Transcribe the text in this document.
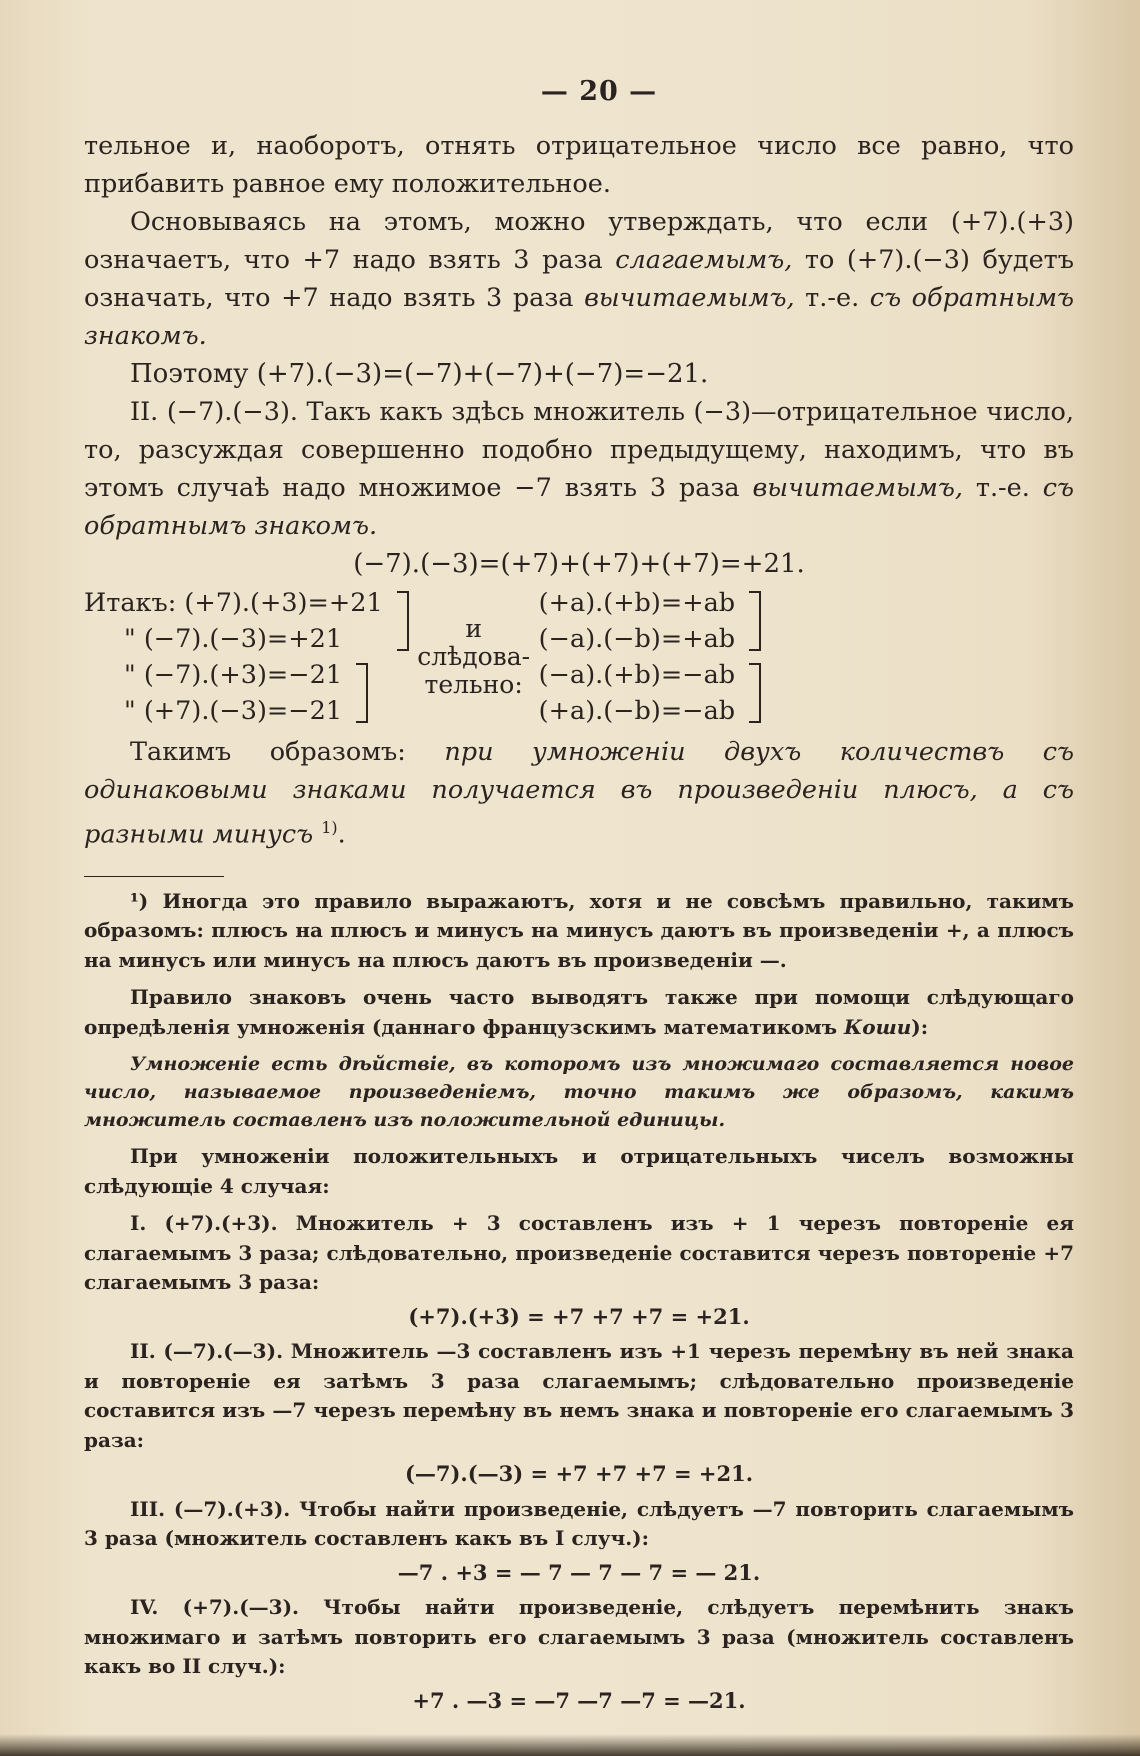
— 20 —

тельное и, наоборотъ, отнять отрицательное число все равно, что прибавить равное ему положительное.

Основываясь на этомъ, можно утверждать, что если (+7).(+3) означаетъ, что +7 надо взять 3 раза слагаемымъ, то (+7).(−3) будетъ означать, что +7 надо взять 3 раза вычитаемымъ, т.-е. съ обратнымъ знакомъ.

Поэтому (+7).(−3)=(−7)+(−7)+(−7)=−21.

II. (−7).(−3). Такъ какъ здѣсь множитель (−3)—отрицательное число, то, разсуждая совершенно подобно предыдущему, находимъ, что въ этомъ случаѣ надо множимое −7 взять 3 раза вычитаемымъ, т.-е. съ обратнымъ знакомъ.

(−7).(−3)=(+7)+(+7)+(+7)=+21.

Итакъ: (+7).(+3)=+21
" (−7).(−3)=+21
" (−7).(+3)=−21
" (+7).(−3)=−21
и
слѣдова-
тельно:
(+a).(+b)=+ab
(−a).(−b)=+ab
(−a).(+b)=−ab
(+a).(−b)=−ab

Такимъ образомъ: при умноженіи двухъ количествъ съ одинаковыми знаками получается въ произведеніи плюсъ, а съ разными минусъ $^{1)}$.

¹) Иногда это правило выражаютъ, хотя и не совсѣмъ правильно, такимъ образомъ: плюсъ на плюсъ и минусъ на минусъ даютъ въ произведеніи +, а плюсъ на минусъ или минусъ на плюсъ даютъ въ произведеніи —.

Правило знаковъ очень часто выводятъ также при помощи слѣдующаго опредѣленія умноженія (даннаго французскимъ математикомъ Коши):

Умноженіе есть дѣйствіе, въ которомъ изъ множимаго составляется новое число, называемое произведеніемъ, точно такимъ же образомъ, какимъ множитель составленъ изъ положительной единицы.

При умноженіи положительныхъ и отрицательныхъ чиселъ возможны слѣдующіе 4 случая:

I. (+7).(+3). Множитель + 3 составленъ изъ + 1 черезъ повтореніе ея слагаемымъ 3 раза; слѣдовательно, произведеніе составится черезъ повтореніе +7 слагаемымъ 3 раза:

(+7).(+3) = +7 +7 +7 = +21.

II. (—7).(—3). Множитель —3 составленъ изъ +1 черезъ перемѣну въ ней знака и повтореніе ея затѣмъ 3 раза слагаемымъ; слѣдовательно произведеніе составится изъ —7 черезъ перемѣну въ немъ знака и повтореніе его слагаемымъ 3 раза:

(—7).(—3) = +7 +7 +7 = +21.

III. (—7).(+3). Чтобы найти произведеніе, слѣдуетъ —7 повторить слагаемымъ 3 раза (множитель составленъ какъ въ I случ.):

—7 . +3 = — 7 — 7 — 7 = — 21.

IV. (+7).(—3). Чтобы найти произведеніе, слѣдуетъ перемѣнить знакъ множимаго и затѣмъ повторить его слагаемымъ 3 раза (множитель составленъ какъ во II случ.):

+7 . —3 = —7 —7 —7 = —21.
